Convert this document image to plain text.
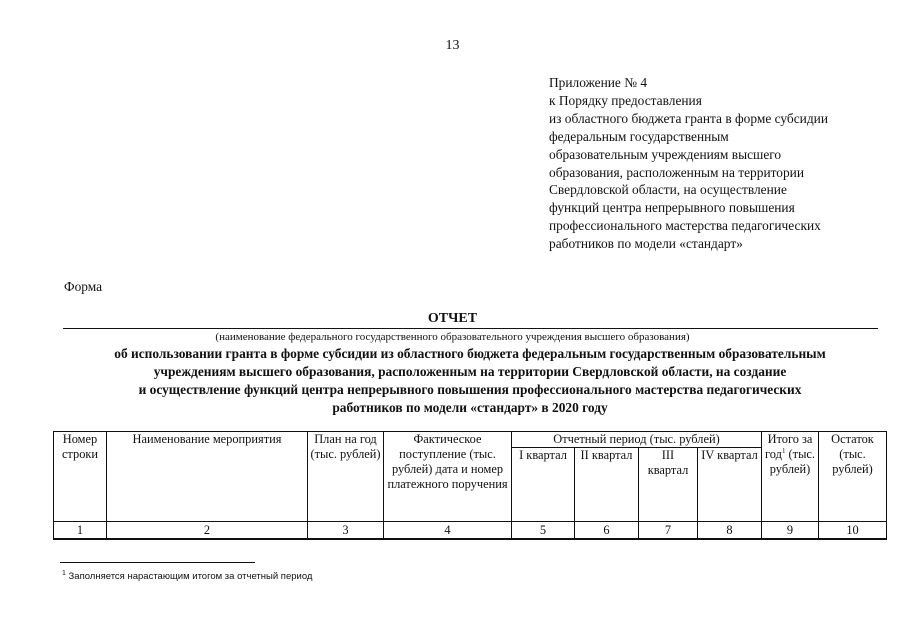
13
Приложение № 4
к Порядку предоставления
из областного бюджета гранта в форме субсидии
федеральным государственным
образовательным учреждениям высшего
образования, расположенным на территории
Свердловской области, на осуществление
функций центра непрерывного повышения
профессионального мастерства педагогических
работников по модели «стандарт»
Форма
ОТЧЕТ
(наименование федерального государственного образовательного учреждения высшего образования)
об использовании гранта в форме субсидии из областного бюджета федеральным государственным образовательным
учреждениям высшего образования, расположенным на территории Свердловской области, на создание
и осуществление функций центра непрерывного повышения профессионального мастерства педагогических
работников по модели «стандарт» в 2020 году
Номер строки	Наименование мероприятия	План на год (тыс. рублей)	Фактическое поступление (тыс. рублей) дата и номер платежного поручения	Отчетный период (тыс. рублей)				Итого за год$^1$ (тыс. рублей)	Остаток (тыс. рублей)
				I квартал	II квартал	III квартал	IV квартал		
1	2	3	4	5	6	7	8	9	10
$^1$ Заполняется нарастающим итогом за отчетный период
